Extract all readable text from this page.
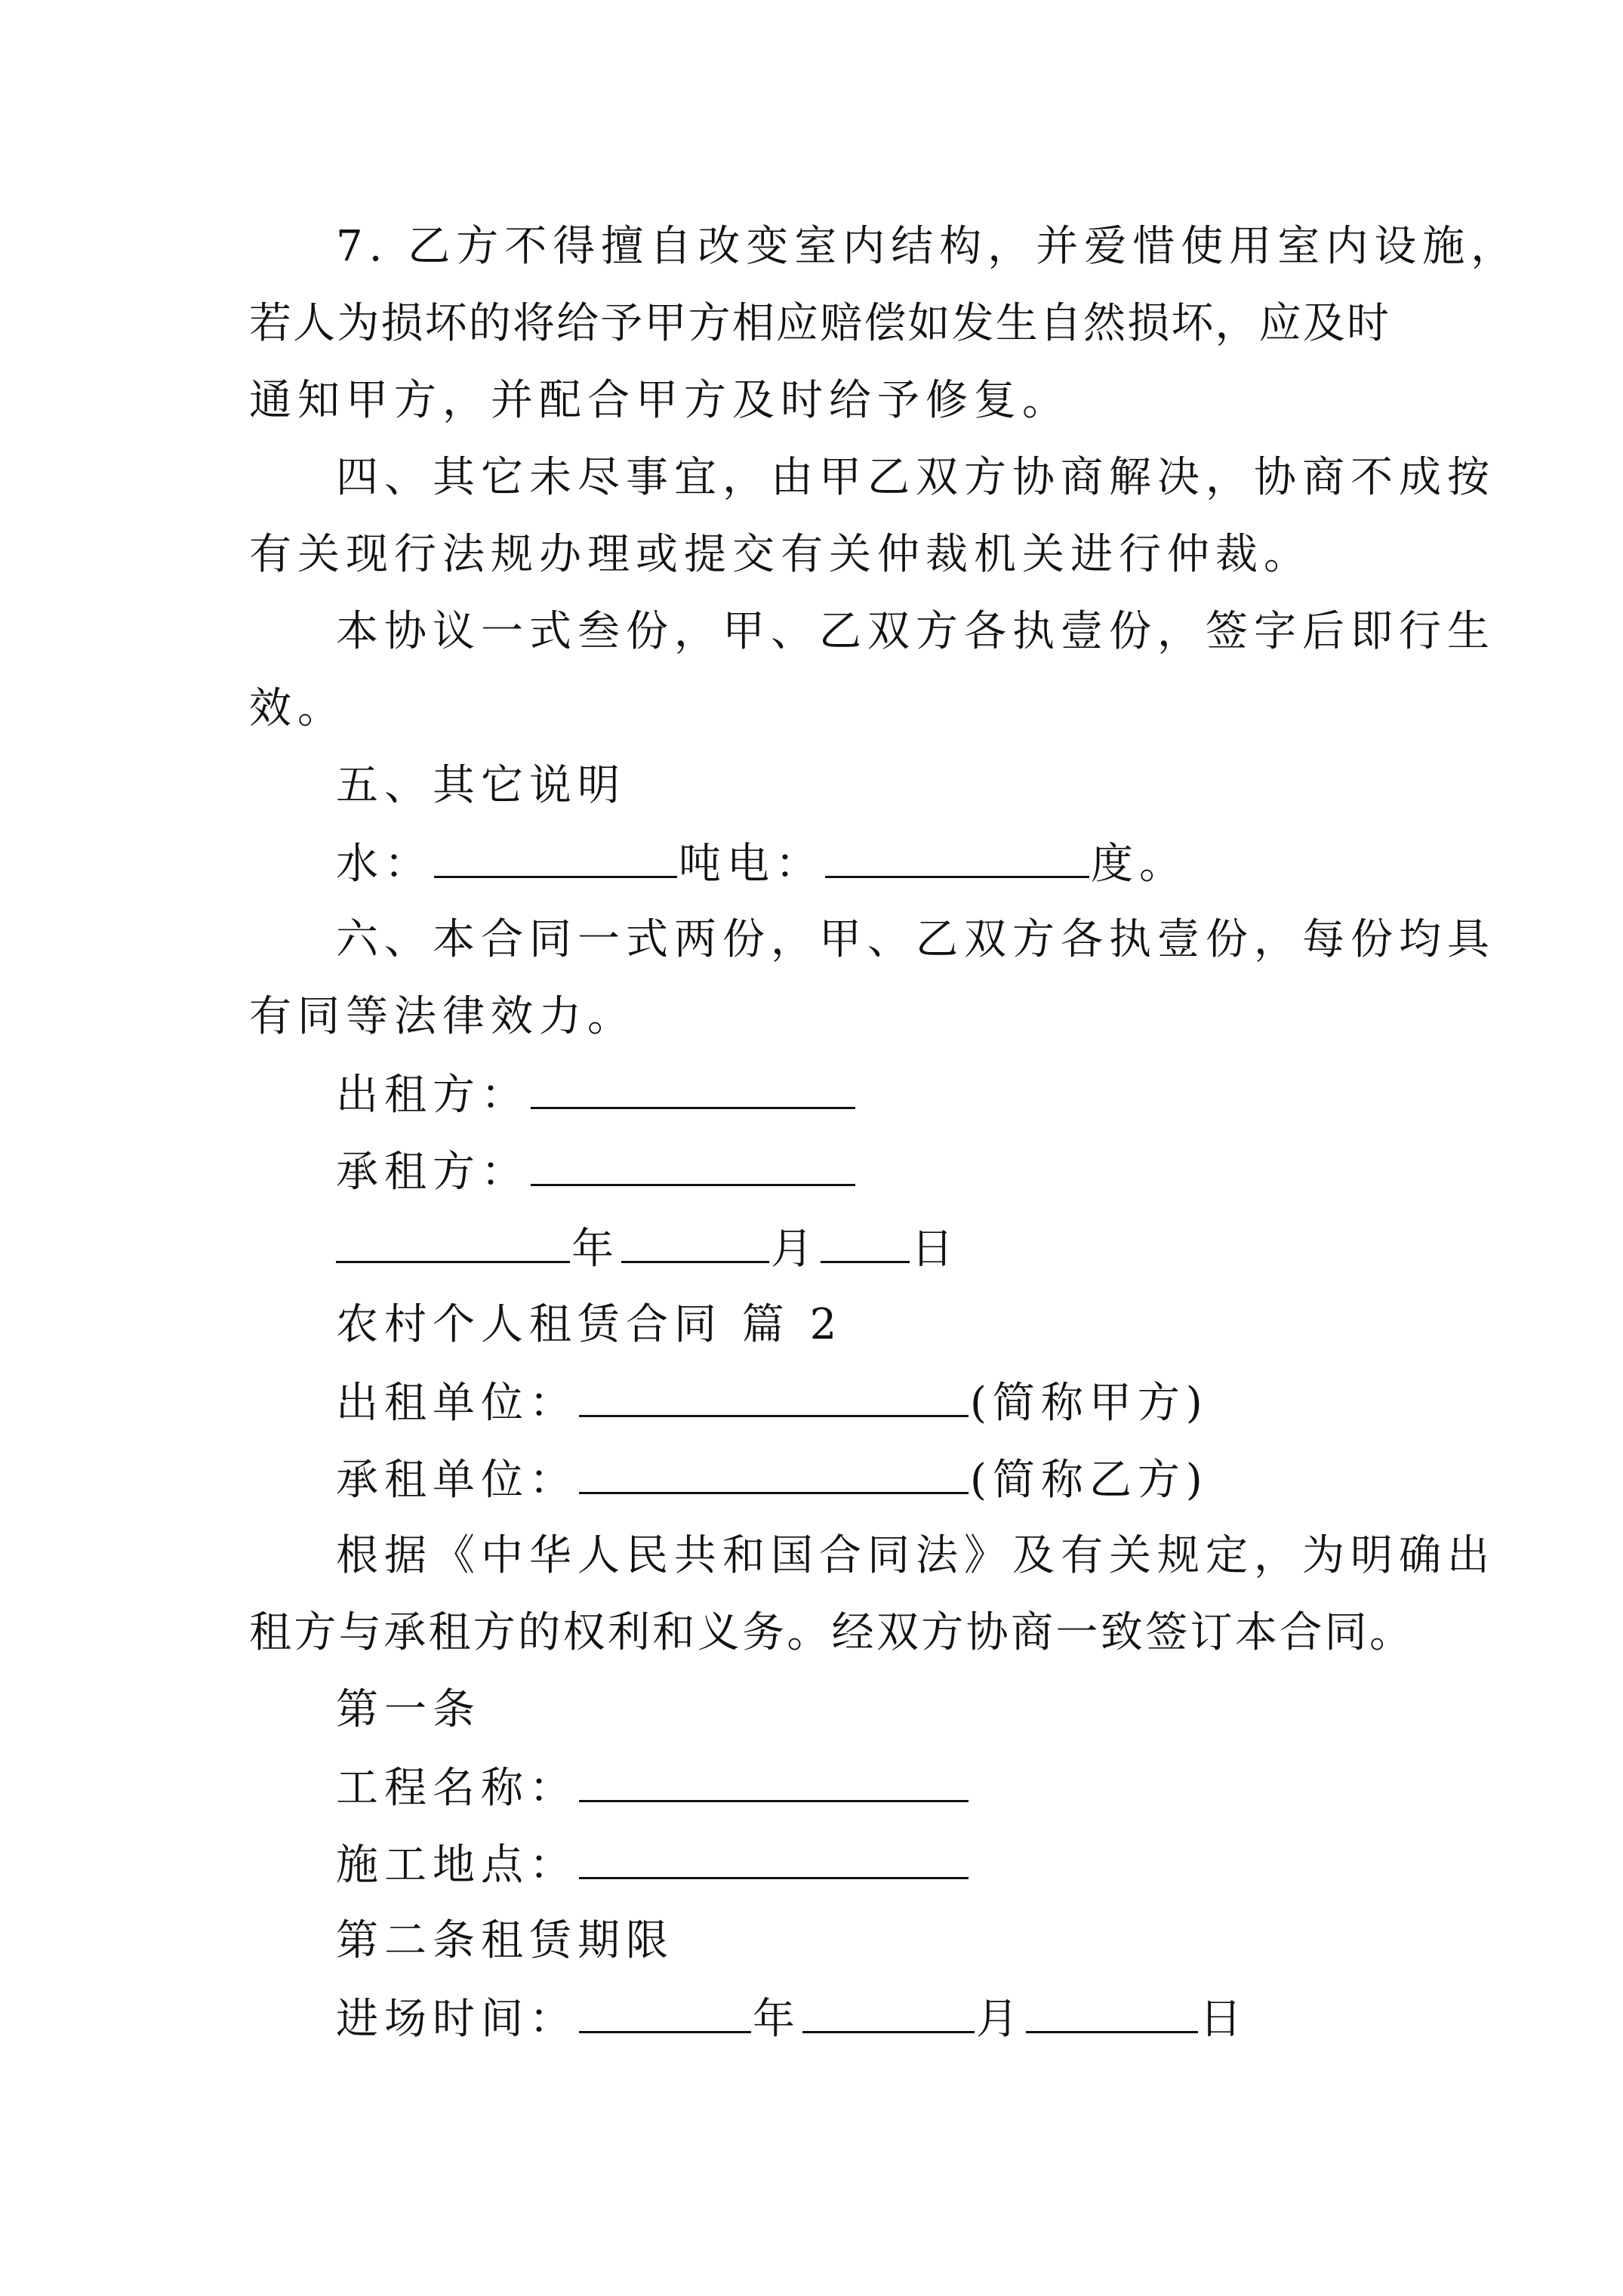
7. 乙方不得擅自改变室内结构，并爱惜使用室内设施，
若人为损坏的将给予甲方相应赔偿如发生自然损坏，应及时
通知甲方，并配合甲方及时给予修复。
四、其它未尽事宜，由甲乙双方协商解决，协商不成按
有关现行法规办理或提交有关仲裁机关进行仲裁。
本协议一式叁份，甲、乙双方各执壹份，签字后即行生
效。
五、其它说明
水：	吨电：	度。
六、本合同一式两份，甲、乙双方各执壹份，每份均具
有同等法律效力。
出租方：
承租方：
年	月 日
农村个人租赁合同 篇 2
出租单位：	(简称甲方)
承租单位：	(简称乙方)
根据《中华人民共和国合同法》及有关规定，为明确出
租方与承租方的权利和义务。经双方协商一致签订本合同。
第一条
工程名称：
施工地点：
第二条租赁期限
进场时间：	年	月	日
